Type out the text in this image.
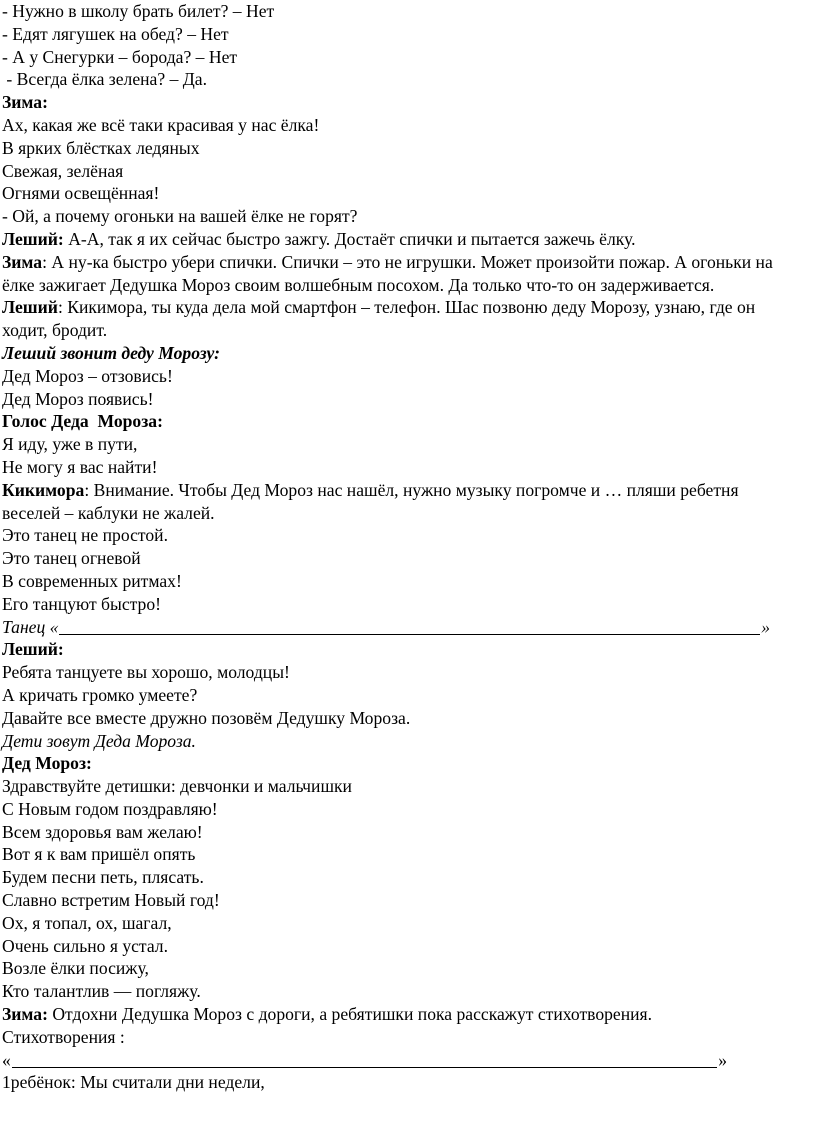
- Нужно в школу брать билет? – Нет
- Едят лягушек на обед? – Нет
- А у Снегурки – борода? – Нет
- Всегда ёлка зелена? – Да.
Зима:
Ах, какая же всё таки красивая у нас ёлка!
В ярких блёстках ледяных
Свежая, зелёная
Огнями освещённая!
- Ой, а почему огоньки на вашей ёлке не горят?
Леший: А-А, так я их сейчас быстро зажгу. Достаёт спички и пытается зажечь ёлку.
Зима: А ну-ка быстро убери спички. Спички – это не игрушки. Может произойти пожар. А огоньки на ёлке зажигает Дедушка Мороз своим волшебным посохом. Да только что-то он задерживается.
Леший: Кикимора, ты куда дела мой смартфон – телефон. Шас позвоню деду Морозу, узнаю, где он ходит, бродит.
Леший звонит деду Морозу:
Дед Мороз – отзовись!
Дед Мороз появись!
Голос Деда  Мороза:
Я иду, уже в пути,
Не могу я вас найти!
Кикимора: Внимание. Чтобы Дед Мороз нас нашёл, нужно музыку погромче и … пляши ребетня веселей – каблуки не жалей.
Это танец не простой.
Это танец огневой
В современных ритмах!
Его танцуют быстро!
Танец «	»
Леший:
Ребята танцуете вы хорошо, молодцы!
А кричать громко умеете?
Давайте все вместе дружно позовём Дедушку Мороза.
Дети зовут Деда Мороза.
Дед Мороз:
Здравствуйте детишки: девчонки и мальчишки
С Новым годом поздравляю!
Всем здоровья вам желаю!
Вот я к вам пришёл опять
Будем песни петь, плясать.
Славно встретим Новый год!
Ох, я топал, ох, шагал,
Очень сильно я устал.
Возле ёлки посижу,
Кто талантлив — погляжу.
Зима: Отдохни Дедушка Мороз с дороги, а ребятишки пока расскажут стихотворения.
Стихотворения :
«	»
1ребёнок: Мы считали дни недели,
